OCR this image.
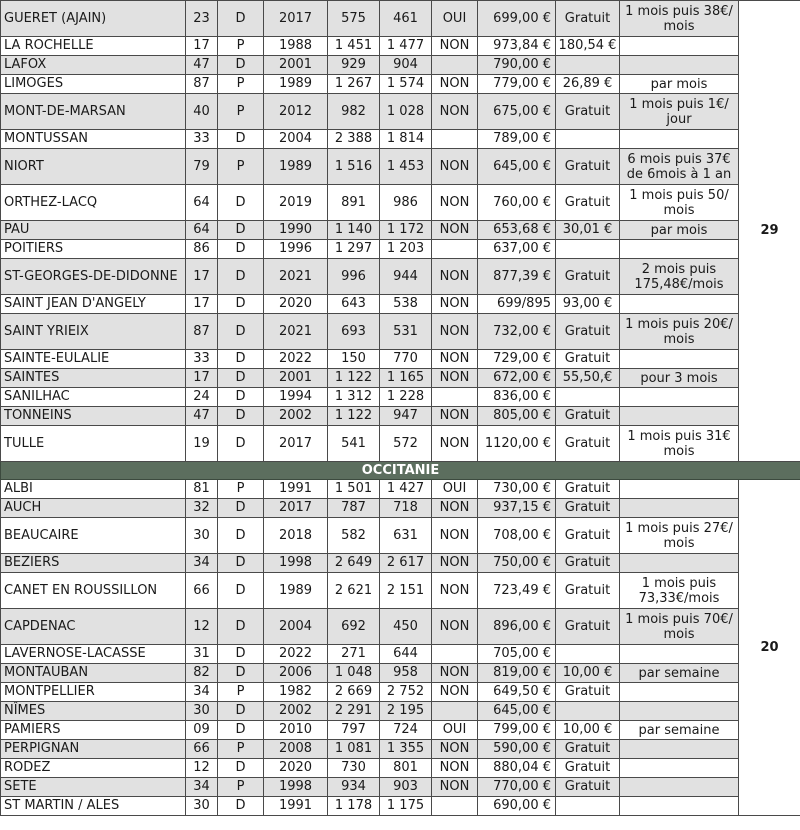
GUERET (AJAIN)	23	D	2017	575	461	OUI	699,00 €	Gratuit	1 mois puis 38€/ mois	29
LA ROCHELLE	17	P	1988	1 451	1 477	NON	973,84 €	180,54 €		
LAFOX	47	D	2001	929	904		790,00 €			
LIMOGES	87	P	1989	1 267	1 574	NON	779,00 €	26,89 €	par mois	
MONT-DE-MARSAN	40	P	2012	982	1 028	NON	675,00 €	Gratuit	1 mois puis 1€/ jour	
MONTUSSAN	33	D	2004	2 388	1 814		789,00 €			
NIORT	79	P	1989	1 516	1 453	NON	645,00 €	Gratuit	6 mois puis 37€ de 6mois à 1 an	
ORTHEZ-LACQ	64	D	2019	891	986	NON	760,00 €	Gratuit	1 mois puis 50/ mois	
PAU	64	D	1990	1 140	1 172	NON	653,68 €	30,01 €	par mois	
POITIERS	86	D	1996	1 297	1 203		637,00 €			
ST-GEORGES-DE-DIDONNE	17	D	2021	996	944	NON	877,39 €	Gratuit	2 mois puis 175,48€/mois	
SAINT JEAN D'ANGELY	17	D	2020	643	538	NON	699/895	93,00 €		
SAINT YRIEIX	87	D	2021	693	531	NON	732,00 €	Gratuit	1 mois puis 20€/ mois	
SAINTE-EULALIE	33	D	2022	150	770	NON	729,00 €	Gratuit		
SAINTES	17	D	2001	1 122	1 165	NON	672,00 €	55,50,€	pour 3 mois	
SANILHAC	24	D	1994	1 312	1 228		836,00 €			
TONNEINS	47	D	2002	1 122	947	NON	805,00 €	Gratuit		
TULLE	19	D	2017	541	572	NON	1120,00 €	Gratuit	1 mois puis 31€ mois	
OCCITANIE										
ALBI	81	P	1991	1 501	1 427	OUI	730,00 €	Gratuit		20
AUCH	32	D	2017	787	718	NON	937,15 €	Gratuit		
BEAUCAIRE	30	D	2018	582	631	NON	708,00 €	Gratuit	1 mois puis 27€/ mois	
BEZIERS	34	D	1998	2 649	2 617	NON	750,00 €	Gratuit		
CANET EN ROUSSILLON	66	D	1989	2 621	2 151	NON	723,49 €	Gratuit	1 mois puis 73,33€/mois	
CAPDENAC	12	D	2004	692	450	NON	896,00 €	Gratuit	1 mois puis 70€/ mois	
LAVERNOSE-LACASSE	31	D	2022	271	644		705,00 €			
MONTAUBAN	82	D	2006	1 048	958	NON	819,00 €	10,00 €	par semaine	
MONTPELLIER	34	P	1982	2 669	2 752	NON	649,50 €	Gratuit		
NÎMES	30	D	2002	2 291	2 195		645,00 €			
PAMIERS	09	D	2010	797	724	OUI	799,00 €	10,00 €	par semaine	
PERPIGNAN	66	P	2008	1 081	1 355	NON	590,00 €	Gratuit		
RODEZ	12	D	2020	730	801	NON	880,04 €	Gratuit		
SETE	34	P	1998	934	903	NON	770,00 €	Gratuit		
ST MARTIN / ALES	30	D	1991	1 178	1 175		690,00 €			
